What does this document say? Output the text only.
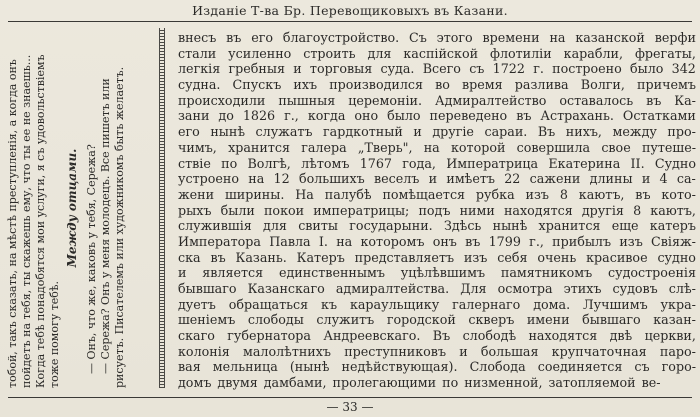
Изданіе Т-ва Бр. Перевощиковыхъ въ Казани.
тобой, такъ сказать, на мѣстѣ преступленія, а когда онъ пойдетъ на тебя, ты скажешь ему, что ты ее не знаешь... Когда тебѣ понадобятся мои услуги, я съ удовольствіемъ тоже помогу тебѣ.
Между отцами. — Онъ, что же, каковъ у тебя, Сережа? — Сережа? Онъ у меня молодецъ. Все пишетъ или рисуетъ. Писателемъ или художникомъ быть желаетъ.
внесъ въ его благоустройство. Съ этого времени на казанской верфи
стали усиленно строить для каспійской флотиліи карабли, фрегаты,
легкія гребныя и торговыя суда. Всего съ 1722 г. построено было 342
судна. Спускъ ихъ производился во время разлива Волги, причемъ
происходили пышныя церемоніи. Адмиралтейство оставалось въ Ка-
зани до 1826 г., когда оно было переведено въ Астрахань. Остатками
его нынѣ служатъ гардкотный и другіе сараи. Въ нихъ, между про-
чимъ, хранится галера „Тверь", на которой совершила свое путеше-
ствіе по Волгѣ, лѣтомъ 1767 года, Императрица Екатерина II. Судно
устроено на 12 большихъ веселъ и имѣетъ 22 сажени длины и 4 са-
жени ширины. На палубѣ помѣщается рубка изъ 8 каютъ, въ кото-
рыхъ были покои императрицы; подъ ними находятся другія 8 каютъ,
служившія для свиты государыни. Здѣсь нынѣ хранится еще катеръ
Императора Павла I. на которомъ онъ въ 1799 г., прибылъ изъ Свіяж-
ска въ Казань. Катеръ представляетъ изъ себя очень красивое судно
и является единственнымъ уцѣлѣвшимъ памятникомъ судостроенія
бывшаго Казанскаго адмиралтейства. Для осмотра этихъ судовъ слѣ-
дуетъ обращаться къ караульщику галернаго дома. Лучшимъ укра-
шеніемъ слободы служитъ городской скверъ имени бывшаго казан-
скаго губернатора Андреевскаго. Въ слободѣ находятся двѣ церкви,
колонія малолѣтнихъ преступниковъ и большая крупчаточная паро-
вая мельница (нынѣ недѣйствующая). Слобода соединяется съ горо-
домъ двумя дамбами, пролегающими по низменной, затопляемой ве-
— 33 —
